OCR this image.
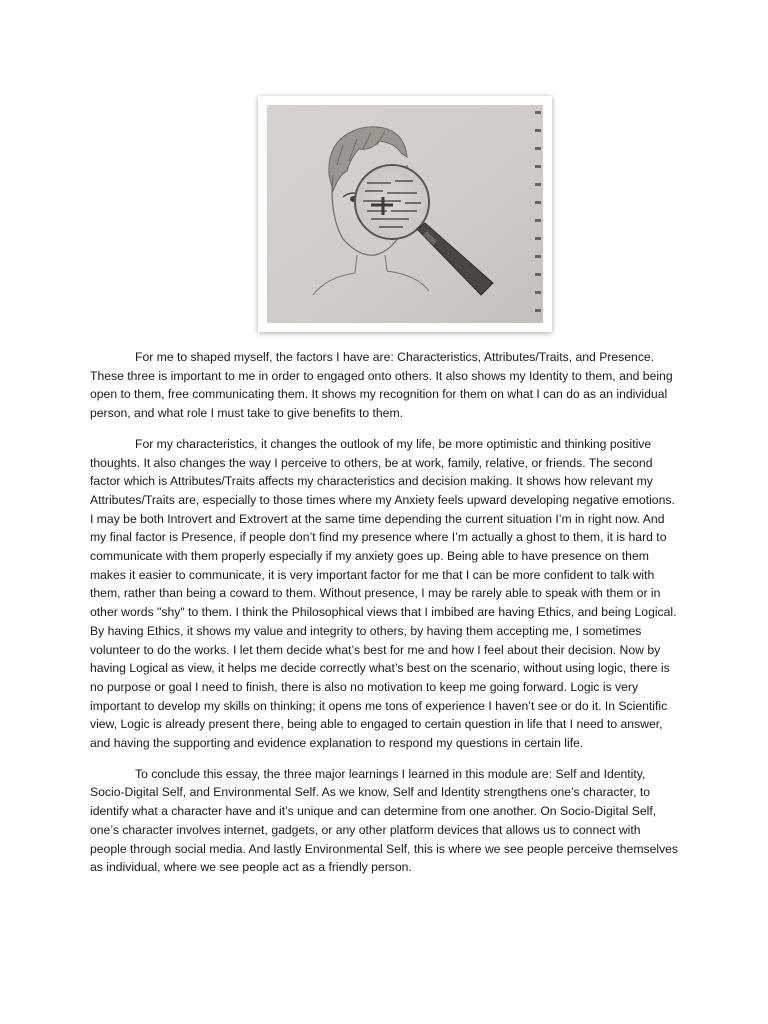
For me to shaped myself, the factors I have are: Characteristics, Attributes/Traits, and Presence. These three is important to me in order to engaged onto others. It also shows my Identity to them, and being open to them, free communicating them. It shows my recognition for them on what I can do as an individual person, and what role I must take to give benefits to them.

For my characteristics, it changes the outlook of my life, be more optimistic and thinking positive thoughts. It also changes the way I perceive to others, be at work, family, relative, or friends. The second factor which is Attributes/Traits affects my characteristics and decision making. It shows how relevant my Attributes/Traits are, especially to those times where my Anxiety feels upward developing negative emotions. I may be both Introvert and Extrovert at the same time depending the current situation I’m in right now. And my final factor is Presence, if people don’t find my presence where I’m actually a ghost to them, it is hard to communicate with them properly especially if my anxiety goes up. Being able to have presence on them makes it easier to communicate, it is very important factor for me that I can be more confident to talk with them, rather than being a coward to them. Without presence, I may be rarely able to speak with them or in other words "shy" to them. I think the Philosophical views that I imbibed are having Ethics, and being Logical. By having Ethics, it shows my value and integrity to others, by having them accepting me, I sometimes volunteer to do the works. I let them decide what’s best for me and how I feel about their decision. Now by having Logical as view, it helps me decide correctly what’s best on the scenario, without using logic, there is no purpose or goal I need to finish, there is also no motivation to keep me going forward. Logic is very important to develop my skills on thinking; it opens me tons of experience I haven’t see or do it. In Scientific view, Logic is already present there, being able to engaged to certain question in life that I need to answer, and having the supporting and evidence explanation to respond my questions in certain life.

To conclude this essay, the three major learnings I learned in this module are: Self and Identity, Socio-Digital Self, and Environmental Self. As we know, Self and Identity strengthens one’s character, to identify what a character have and it’s unique and can determine from one another. On Socio-Digital Self, one’s character involves internet, gadgets, or any other platform devices that allows us to connect with people through social media. And lastly Environmental Self, this is where we see people perceive themselves as individual, where we see people act as a friendly person.
